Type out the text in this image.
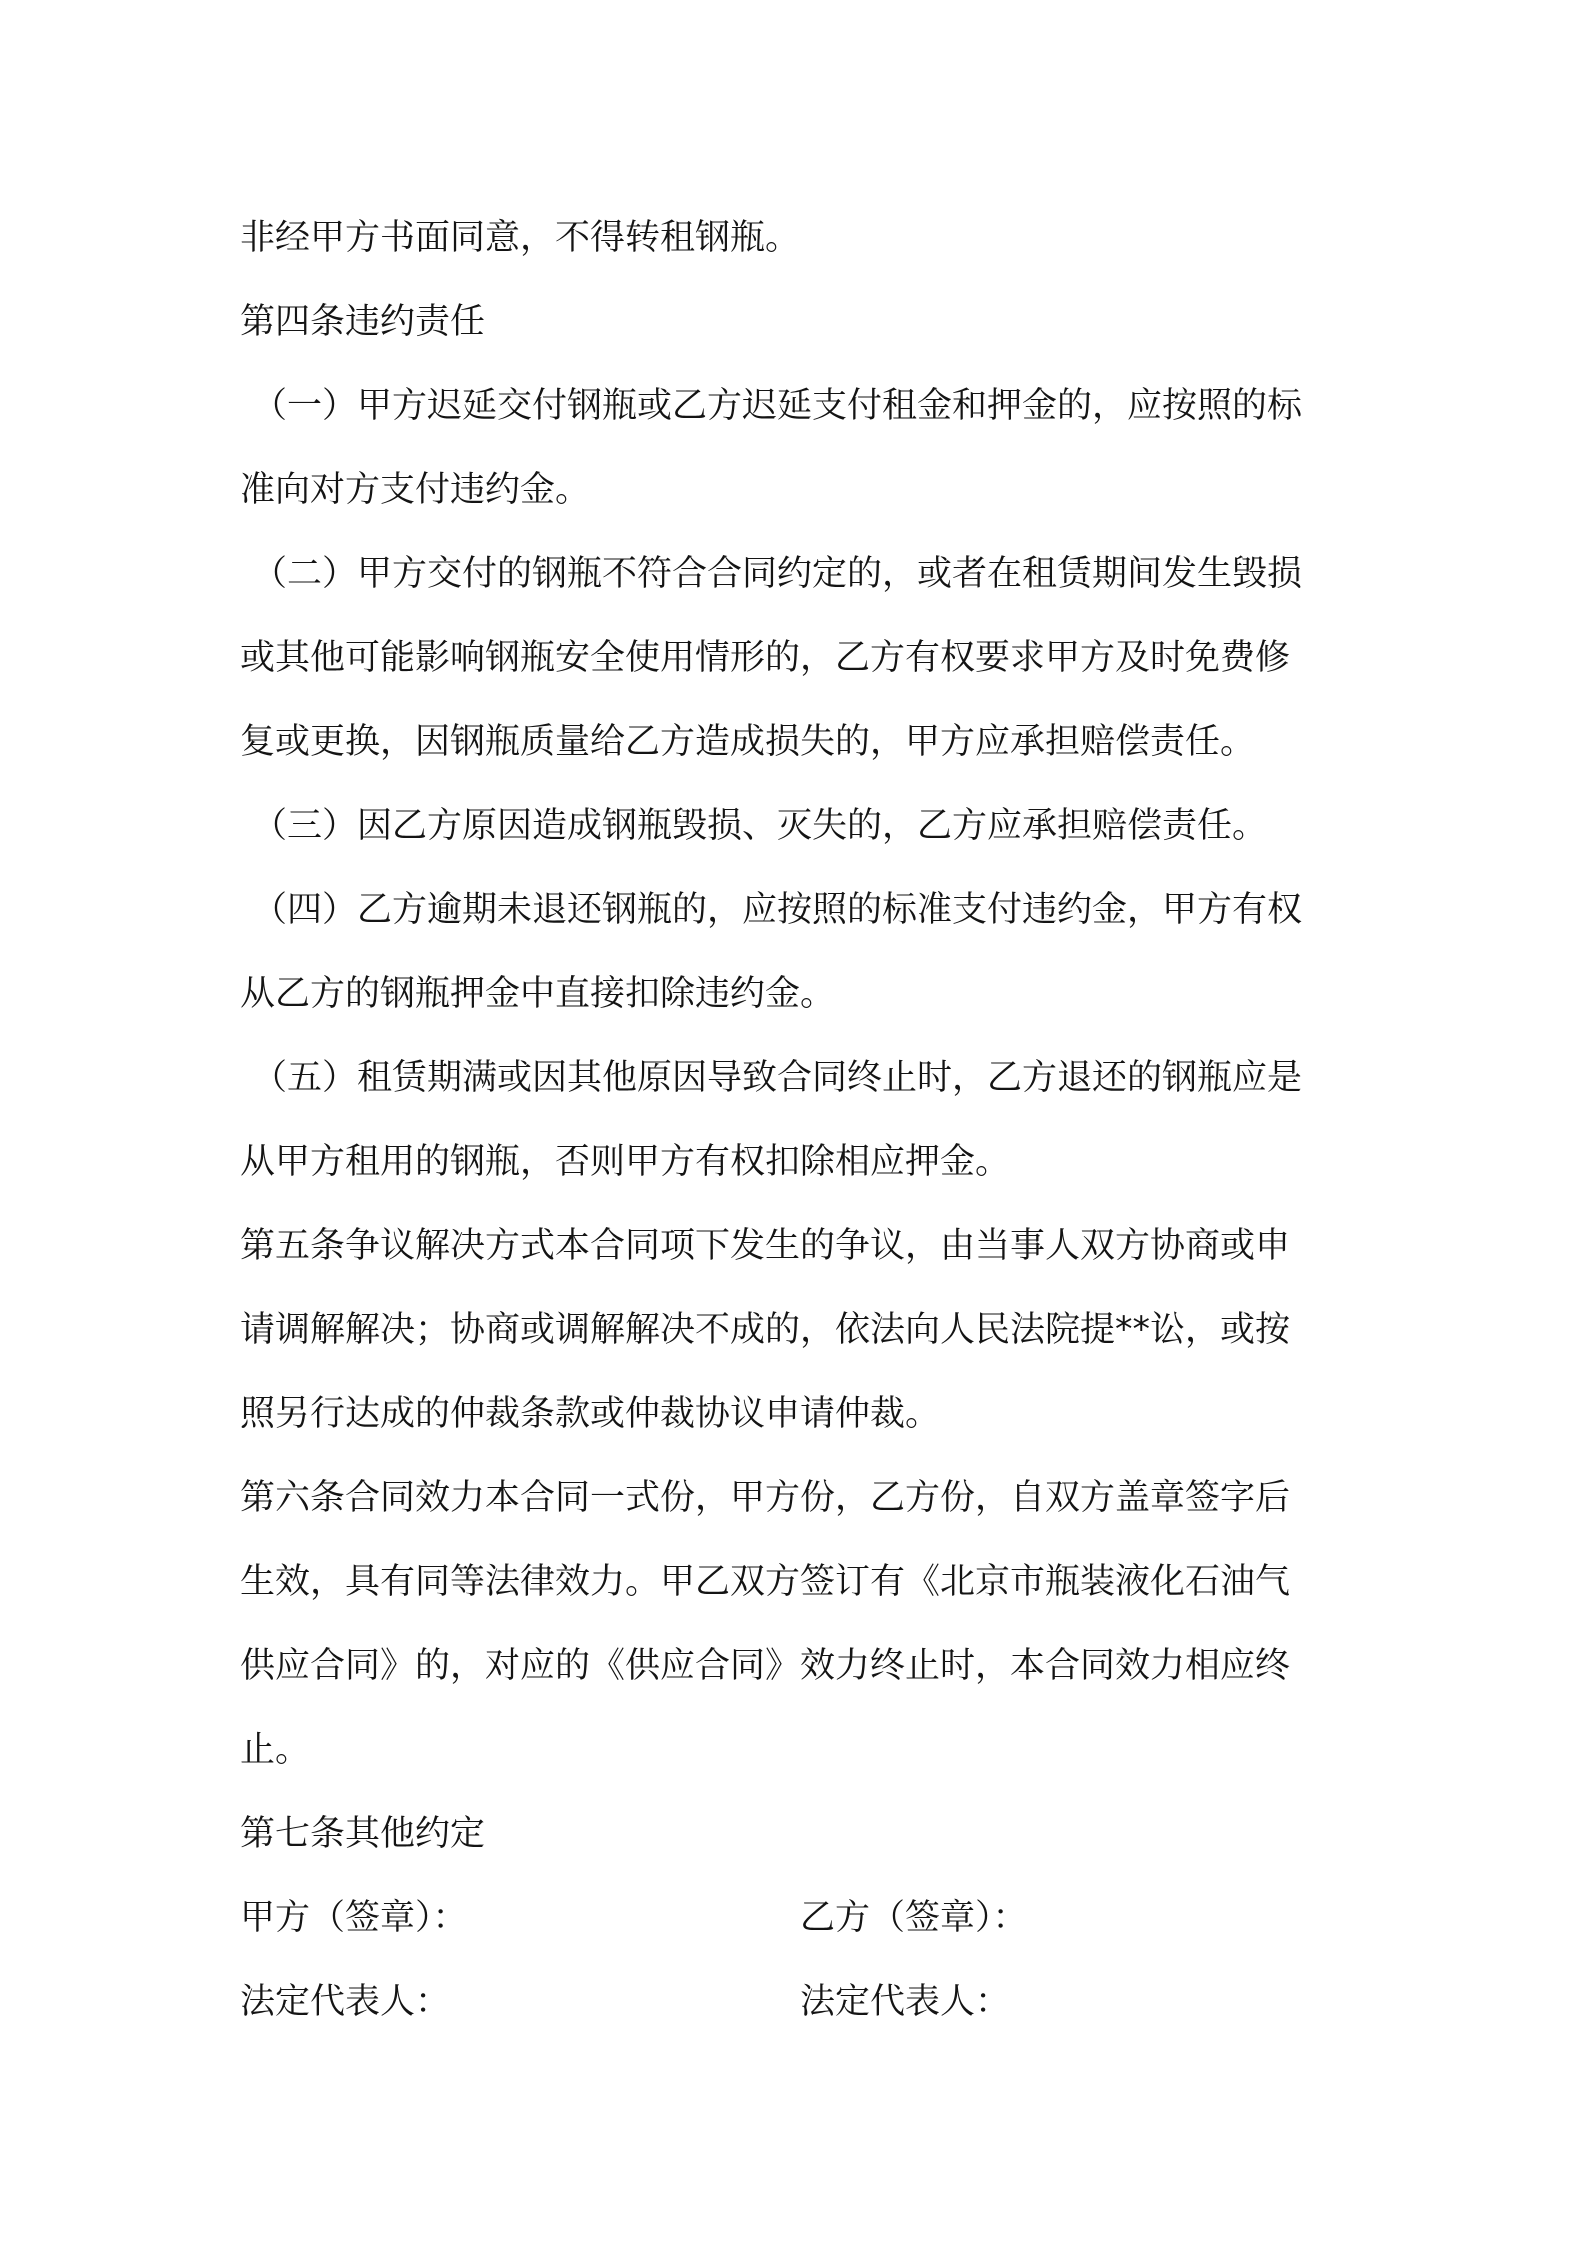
非经甲方书面同意，不得转租钢瓶。

第四条违约责任

（一）甲方迟延交付钢瓶或乙方迟延支付租金和押金的，应按照的标

准向对方支付违约金。

（二）甲方交付的钢瓶不符合合同约定的，或者在租赁期间发生毁损

或其他可能影响钢瓶安全使用情形的，乙方有权要求甲方及时免费修

复或更换，因钢瓶质量给乙方造成损失的，甲方应承担赔偿责任。

（三）因乙方原因造成钢瓶毁损、灭失的，乙方应承担赔偿责任。

（四）乙方逾期未退还钢瓶的，应按照的标准支付违约金，甲方有权

从乙方的钢瓶押金中直接扣除违约金。

（五）租赁期满或因其他原因导致合同终止时，乙方退还的钢瓶应是

从甲方租用的钢瓶，否则甲方有权扣除相应押金。

第五条争议解决方式本合同项下发生的争议，由当事人双方协商或申

请调解解决；协商或调解解决不成的，依法向人民法院提**讼，或按

照另行达成的仲裁条款或仲裁协议申请仲裁。

第六条合同效力本合同一式份，甲方份，乙方份，自双方盖章签字后

生效，具有同等法律效力。甲乙双方签订有《北京市瓶装液化石油气

供应合同》的，对应的《供应合同》效力终止时，本合同效力相应终

止。

第七条其他约定

甲方（签章）：	乙方（签章）：
法定代表人：	法定代表人：
